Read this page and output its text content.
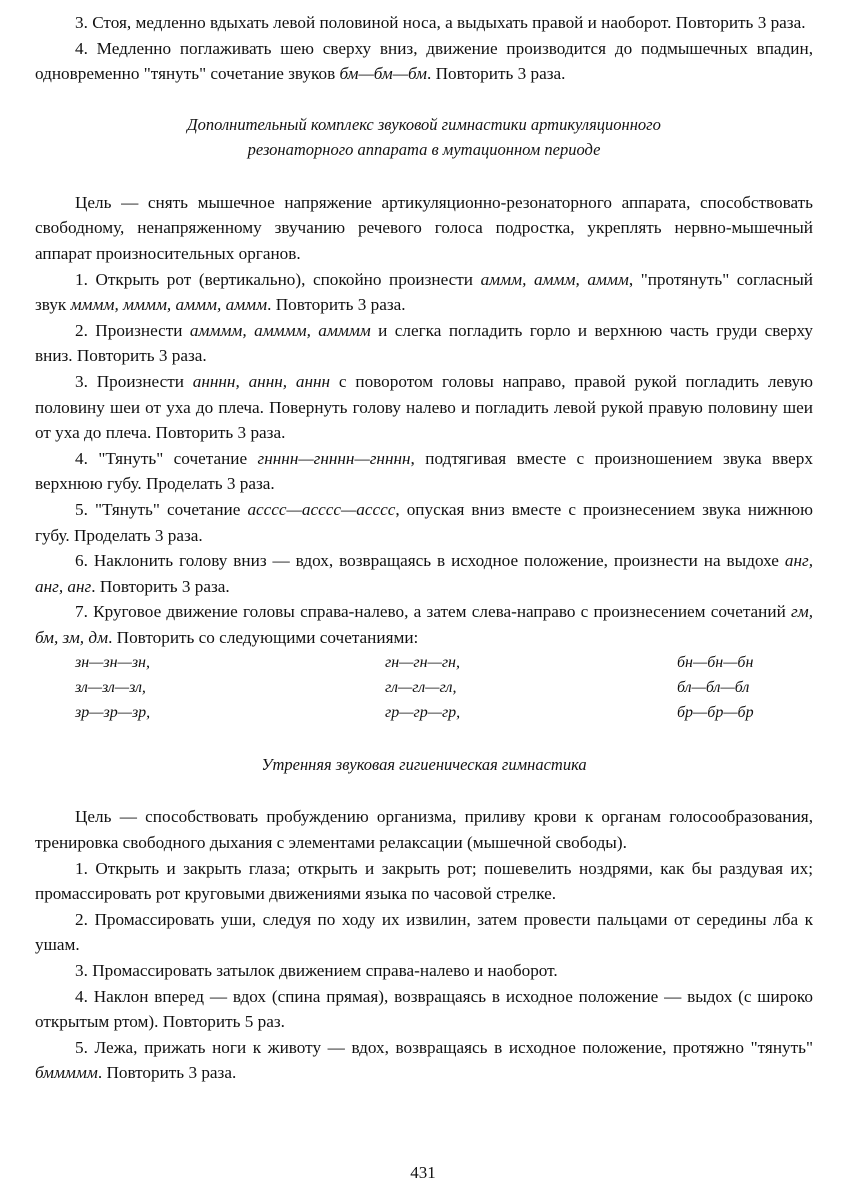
3. Стоя, медленно вдыхать левой половиной носа, а выдыхать правой и наоборот. Повторить 3 раза.

4. Медленно поглаживать шею сверху вниз, движение производится до подмышечных впадин, одновременно "тянуть" сочетание звуков бм—бм—бм. Повторить 3 раза.

Дополнительный комплекс звуковой гимнастики артикуляционного
резонаторного аппарата в мутационном периоде

Цель — снять мышечное напряжение артикуляционно-резонаторного аппарата, способствовать свободному, ненапряженному звучанию речевого голоса подростка, укреплять нервно-мышечный аппарат произносительных органов.

1. Открыть рот (вертикально), спокойно произнести аммм, аммм, аммм, "протянуть" согласный звук мммм, мммм, аммм, аммм. Повторить 3 раза.

2. Произнести амммм, амммм, амммм и слегка погладить горло и верхнюю часть груди сверху вниз. Повторить 3 раза.

3. Произнести анннн, аннн, аннн с поворотом головы направо, правой рукой погладить левую половину шеи от уха до плеча. Повернуть голову налево и погладить левой рукой правую половину шеи от уха до плеча. Повторить 3 раза.

4. "Тянуть" сочетание гнннн—гнннн—гнннн, подтягивая вместе с произношением звука вверх верхнюю губу. Проделать 3 раза.

5. "Тянуть" сочетание асссс—асссс—асссс, опуская вниз вместе с произнесением звука нижнюю губу. Проделать 3 раза.

6. Наклонить голову вниз — вдох, возвращаясь в исходное положение, произнести на выдохе анг, анг, анг. Повторить 3 раза.

7. Круговое движение головы справа-налево, а затем слева-направо с произнесением сочетаний гм, бм, зм, дм. Повторить со следующими сочетаниями:

зн—зн—зн,	гн—гн—гн,	бн—бн—бн
зл—зл—зл,	гл—гл—гл,	бл—бл—бл
зр—зр—зр,	гр—гр—гр,	бр—бр—бр
Утренняя звуковая гигиеническая гимнастика

Цель — способствовать пробуждению организма, приливу крови к органам голосообразования, тренировка свободного дыхания с элементами релаксации (мышечной свободы).

1. Открыть и закрыть глаза; открыть и закрыть рот; пошевелить ноздрями, как бы раздувая их; промассировать рот круговыми движениями языка по часовой стрелке.

2. Промассировать уши, следуя по ходу их извилин, затем провести пальцами от середины лба к ушам.

3. Промассировать затылок движением справа-налево и наоборот.

4. Наклон вперед — вдох (спина прямая), возвращаясь в исходное положение — выдох (с широко открытым ртом). Повторить 5 раз.

5. Лежа, прижать ноги к животу — вдох, возвращаясь в исходное положение, протяжно "тянуть" бммммм. Повторить 3 раза.

431
